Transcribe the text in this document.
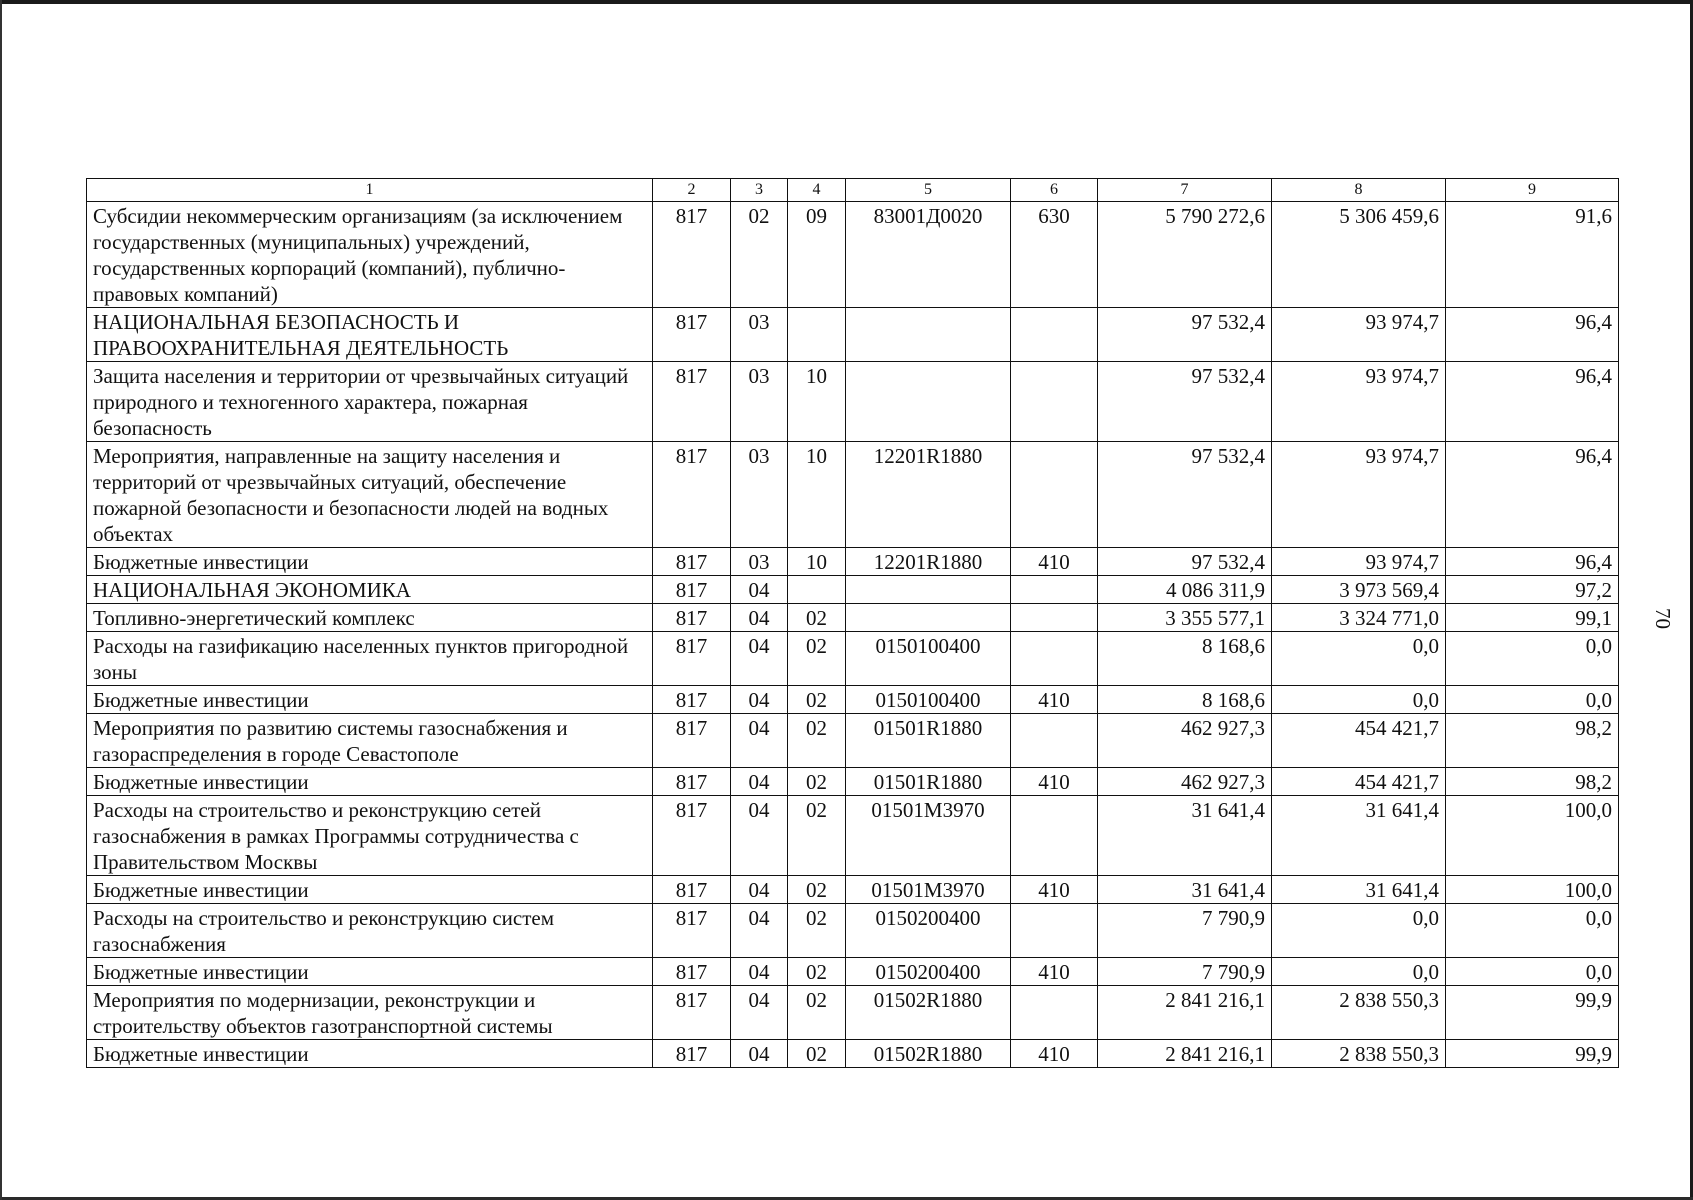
70
1	2	3	4	5	6	7	8	9
Субсидии некоммерческим организациям (за исключением государственных (муниципальных) учреждений, государственных корпораций (компаний), публично-правовых компаний)	817	02	09	83001Д0020	630	5 790 272,6	5 306 459,6	91,6
НАЦИОНАЛЬНАЯ БЕЗОПАСНОСТЬ И ПРАВООХРАНИТЕЛЬНАЯ ДЕЯТЕЛЬНОСТЬ	817	03				97 532,4	93 974,7	96,4
Защита населения и территории от чрезвычайных ситуаций природного и техногенного характера, пожарная безопасность	817	03	10			97 532,4	93 974,7	96,4
Мероприятия, направленные на защиту населения и территорий от чрезвычайных ситуаций, обеспечение пожарной безопасности и безопасности людей на водных объектах	817	03	10	12201R1880		97 532,4	93 974,7	96,4
Бюджетные инвестиции	817	03	10	12201R1880	410	97 532,4	93 974,7	96,4
НАЦИОНАЛЬНАЯ ЭКОНОМИКА	817	04				4 086 311,9	3 973 569,4	97,2
Топливно-энергетический комплекс	817	04	02			3 355 577,1	3 324 771,0	99,1
Расходы на газификацию населенных пунктов пригородной зоны	817	04	02	0150100400		8 168,6	0,0	0,0
Бюджетные инвестиции	817	04	02	0150100400	410	8 168,6	0,0	0,0
Мероприятия по развитию системы газоснабжения и газораспределения в городе Севастополе	817	04	02	01501R1880		462 927,3	454 421,7	98,2
Бюджетные инвестиции	817	04	02	01501R1880	410	462 927,3	454 421,7	98,2
Расходы на строительство и реконструкцию сетей газоснабжения в рамках Программы сотрудничества с Правительством Москвы	817	04	02	01501M3970		31 641,4	31 641,4	100,0
Бюджетные инвестиции	817	04	02	01501M3970	410	31 641,4	31 641,4	100,0
Расходы на строительство и реконструкцию систем газоснабжения	817	04	02	0150200400		7 790,9	0,0	0,0
Бюджетные инвестиции	817	04	02	0150200400	410	7 790,9	0,0	0,0
Мероприятия по модернизации, реконструкции и строительству объектов газотранспортной системы	817	04	02	01502R1880		2 841 216,1	2 838 550,3	99,9
Бюджетные инвестиции	817	04	02	01502R1880	410	2 841 216,1	2 838 550,3	99,9
